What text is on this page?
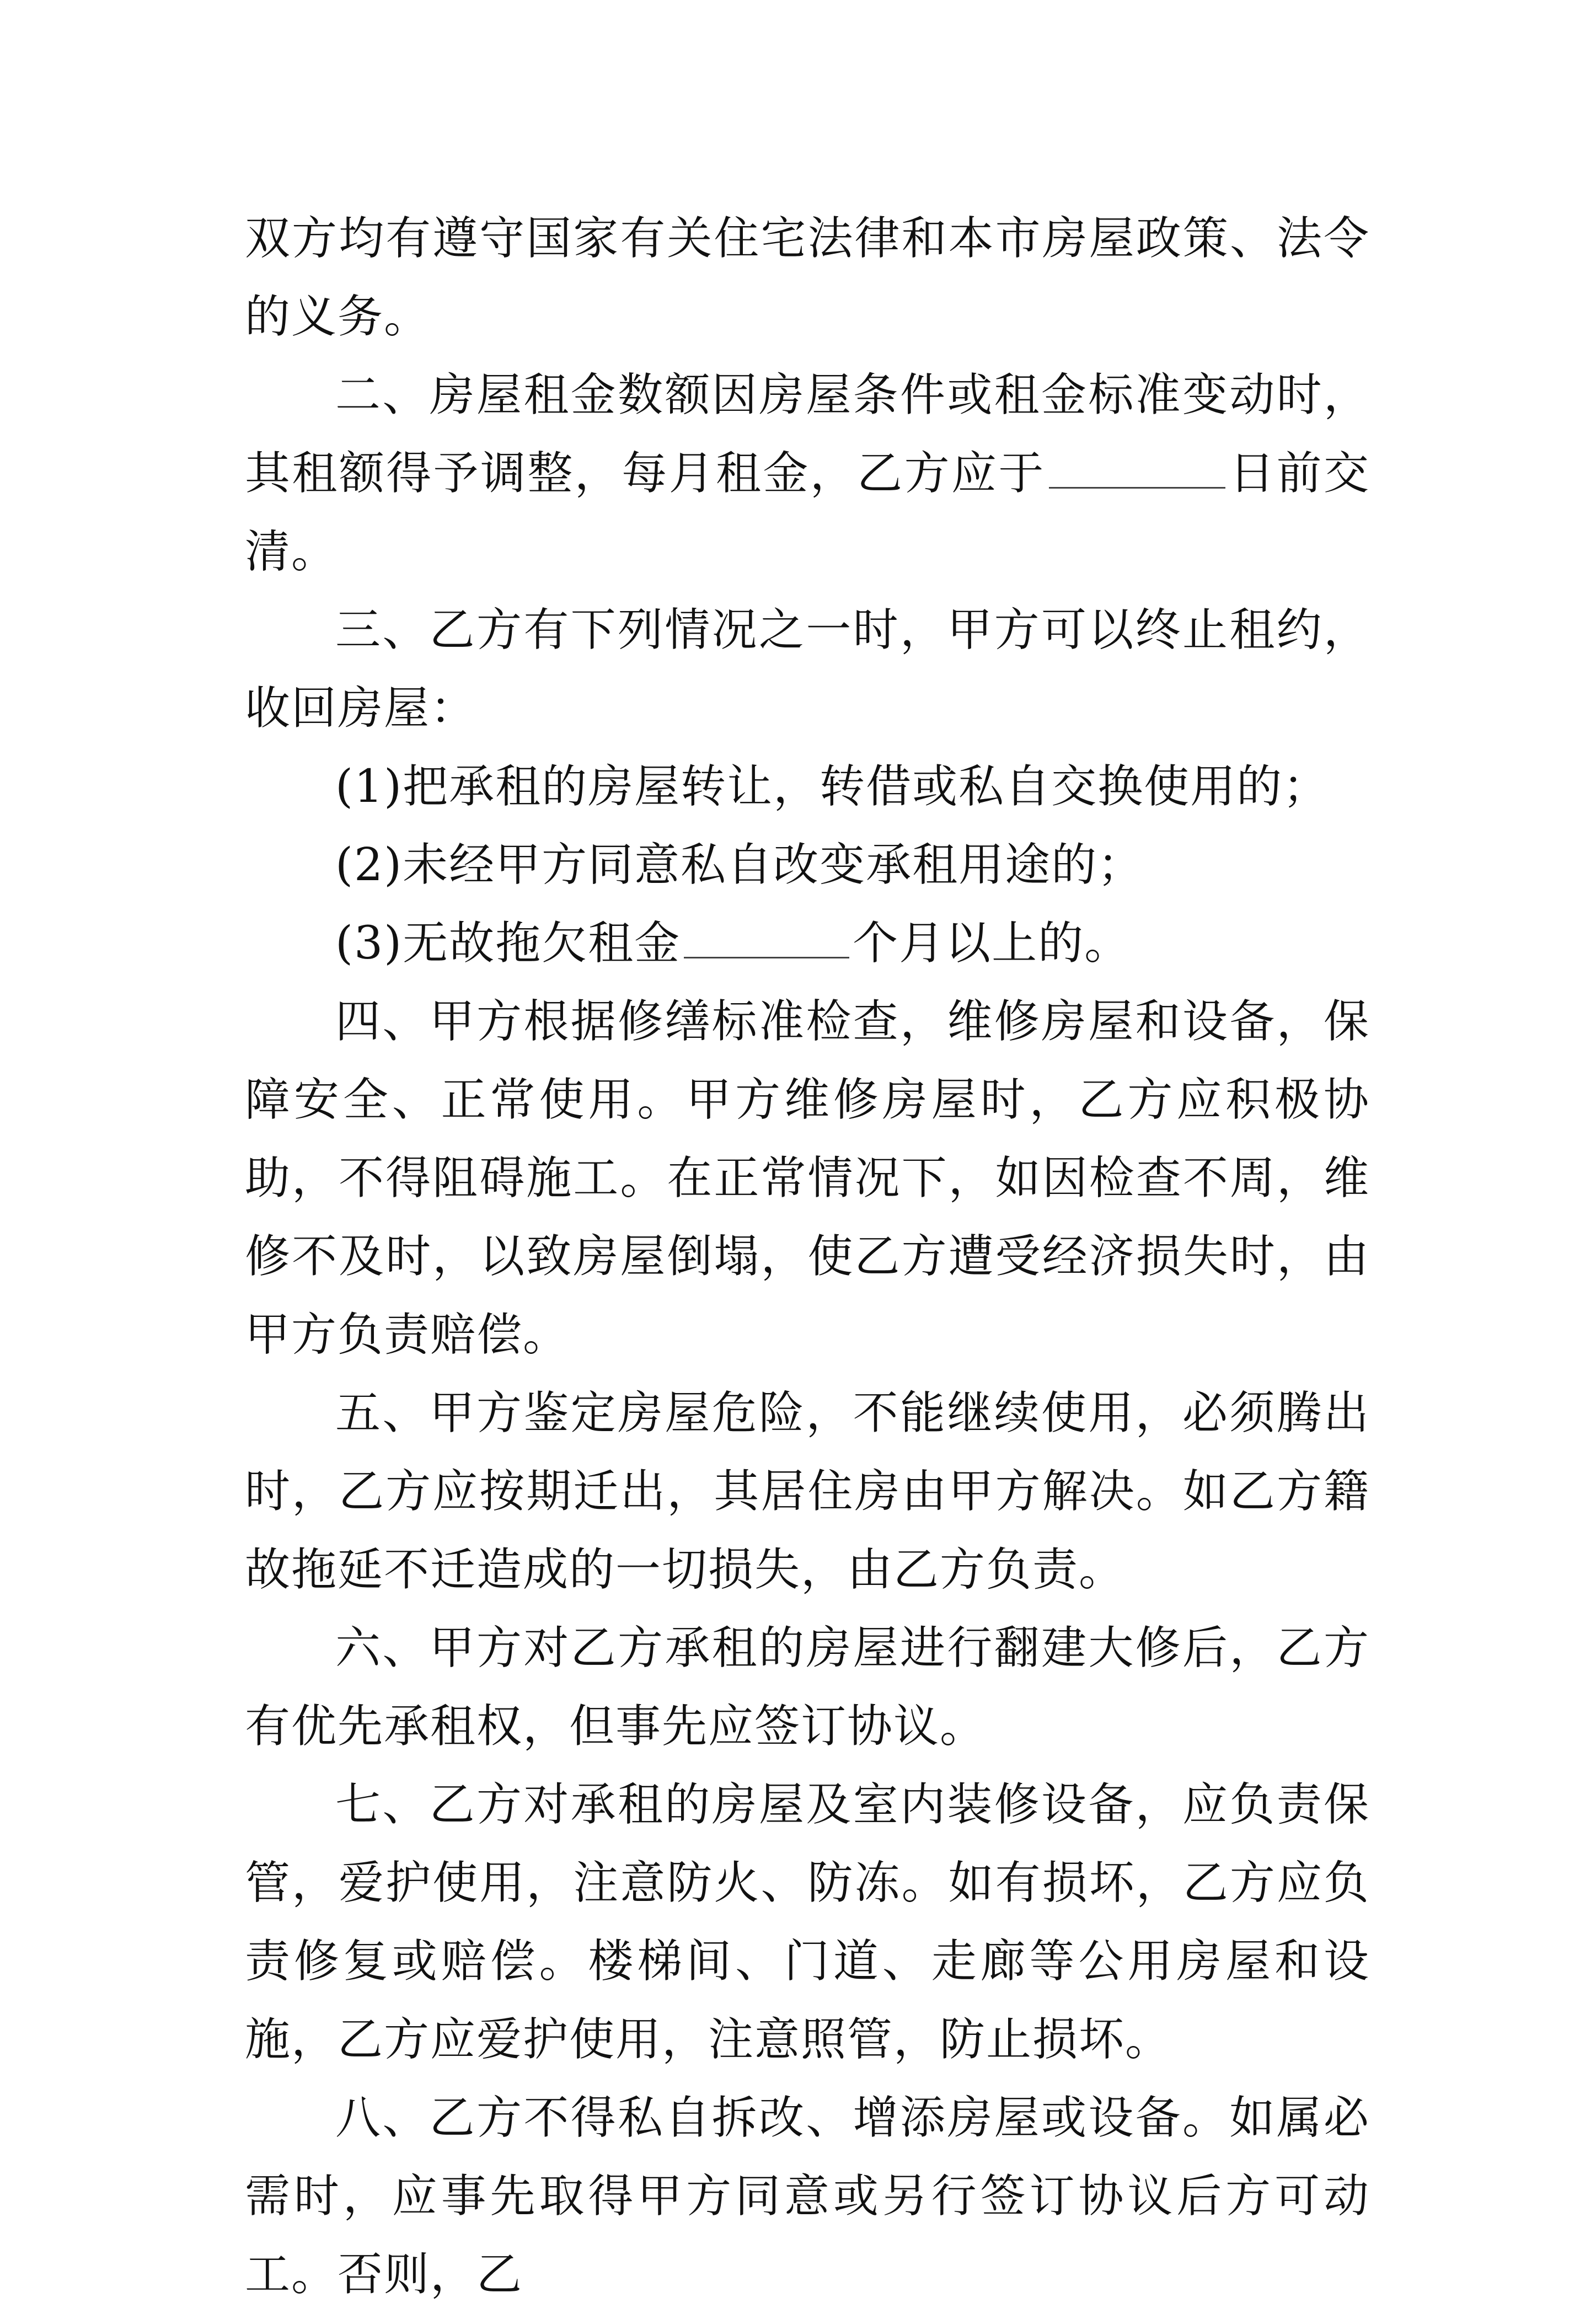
双方均有遵守国家有关住宅法律和本市房屋政策、法令的义务。

二、房屋租金数额因房屋条件或租金标准变动时，其租额得予调整，每月租金，乙方应于	日前交清。

三、乙方有下列情况之一时，甲方可以终止租约，收回房屋：

(1)把承租的房屋转让，转借或私自交换使用的；

(2)未经甲方同意私自改变承租用途的；

(3)无故拖欠租金	个月以上的。

四、甲方根据修缮标准检查，维修房屋和设备，保障安全、正常使用。甲方维修房屋时，乙方应积极协助，不得阻碍施工。在正常情况下，如因检查不周，维修不及时，以致房屋倒塌，使乙方遭受经济损失时，由甲方负责赔偿。

五、甲方鉴定房屋危险，不能继续使用，必须腾出时，乙方应按期迁出，其居住房由甲方解决。如乙方籍故拖延不迁造成的一切损失，由乙方负责。

六、甲方对乙方承租的房屋进行翻建大修后，乙方有优先承租权，但事先应签订协议。

七、乙方对承租的房屋及室内装修设备，应负责保管，爱护使用，注意防火、防冻。如有损坏，乙方应负责修复或赔偿。楼梯间、门道、走廊等公用房屋和设施，乙方应爱护使用，注意照管，防止损坏。

八、乙方不得私自拆改、增添房屋或设备。如属必需时，应事先取得甲方同意或另行签订协议后方可动工。否则，乙
